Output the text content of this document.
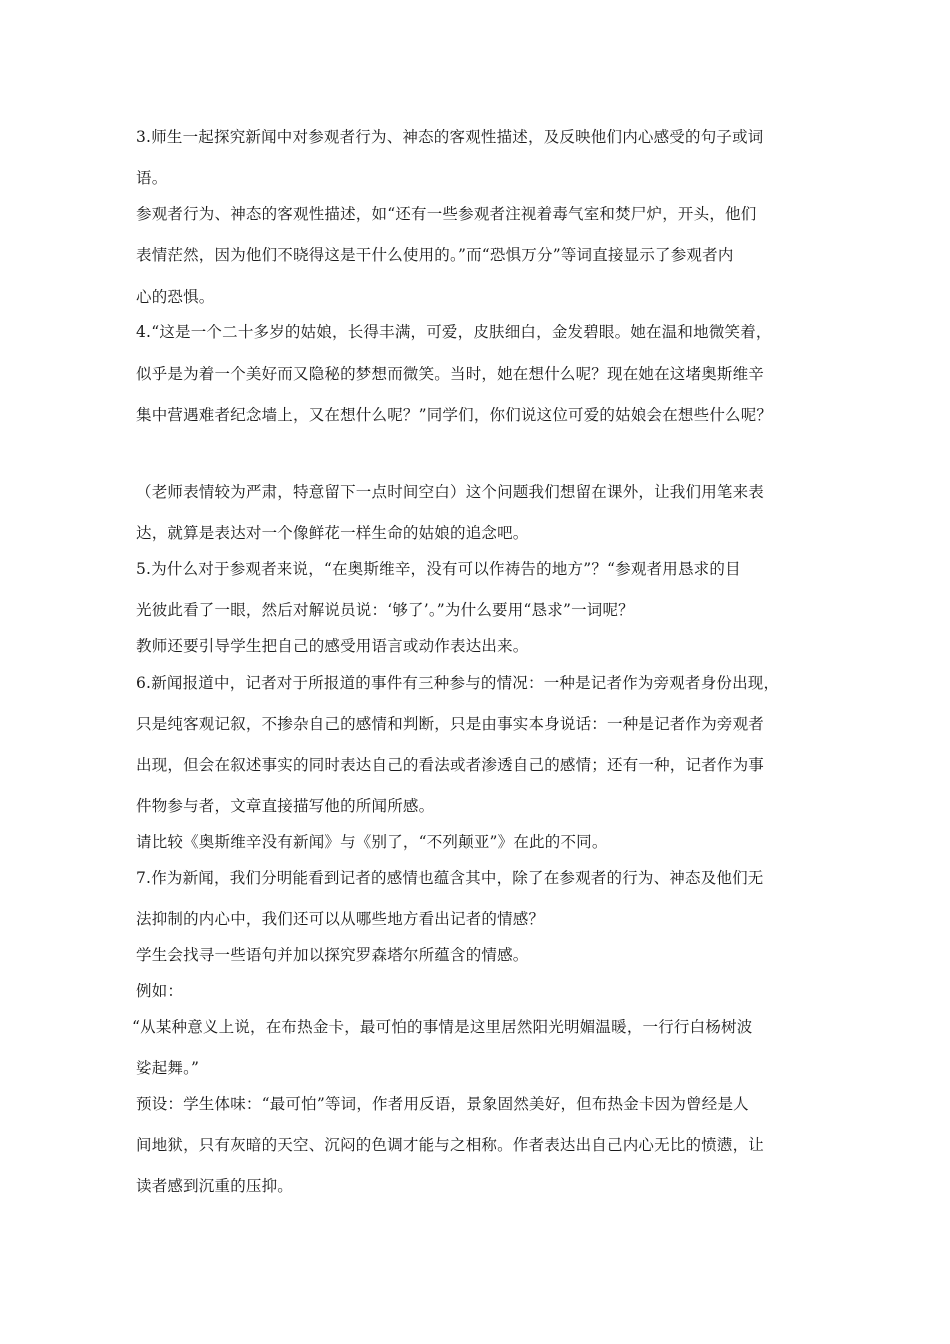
3.师生一起探究新闻中对参观者行为、神态的客观性描述，及反映他们内心感受的句子或词
语。
参观者行为、神态的客观性描述，如“还有一些参观者注视着毒气室和焚尸炉，开头，他们
表情茫然，因为他们不晓得这是干什么使用的。”而“恐惧万分”等词直接显示了参观者内
心的恐惧。
4.“这是一个二十多岁的姑娘，长得丰满，可爱，皮肤细白，金发碧眼。她在温和地微笑着，
似乎是为着一个美好而又隐秘的梦想而微笑。当时，她在想什么呢？现在她在这堵奥斯维辛
集中营遇难者纪念墙上，又在想什么呢？”同学们，你们说这位可爱的姑娘会在想些什么呢？
（老师表情较为严肃，特意留下一点时间空白）这个问题我们想留在课外，让我们用笔来表
达，就算是表达对一个像鲜花一样生命的姑娘的追念吧。
5.为什么对于参观者来说，“在奥斯维辛，没有可以作祷告的地方”？“参观者用恳求的目
光彼此看了一眼，然后对解说员说：‘够了’。”为什么要用“恳求”一词呢？
教师还要引导学生把自己的感受用语言或动作表达出来。
6.新闻报道中，记者对于所报道的事件有三种参与的情况：一种是记者作为旁观者身份出现，
只是纯客观记叙，不掺杂自己的感情和判断，只是由事实本身说话：一种是记者作为旁观者
出现，但会在叙述事实的同时表达自己的看法或者渗透自己的感情；还有一种，记者作为事
件物参与者，文章直接描写他的所闻所感。
请比较《奥斯维辛没有新闻》与《别了，“不列颠亚”》在此的不同。
7.作为新闻，我们分明能看到记者的感情也蕴含其中，除了在参观者的行为、神态及他们无
法抑制的内心中，我们还可以从哪些地方看出记者的情感？
学生会找寻一些语句并加以探究罗森塔尔所蕴含的情感。
例如：
“从某种意义上说，在布热金卡，最可怕的事情是这里居然阳光明媚温暖，一行行白杨树波
娑起舞。”
预设：学生体味：“最可怕”等词，作者用反语，景象固然美好，但布热金卡因为曾经是人
间地狱，只有灰暗的天空、沉闷的色调才能与之相称。作者表达出自己内心无比的愤懑，让
读者感到沉重的压抑。
